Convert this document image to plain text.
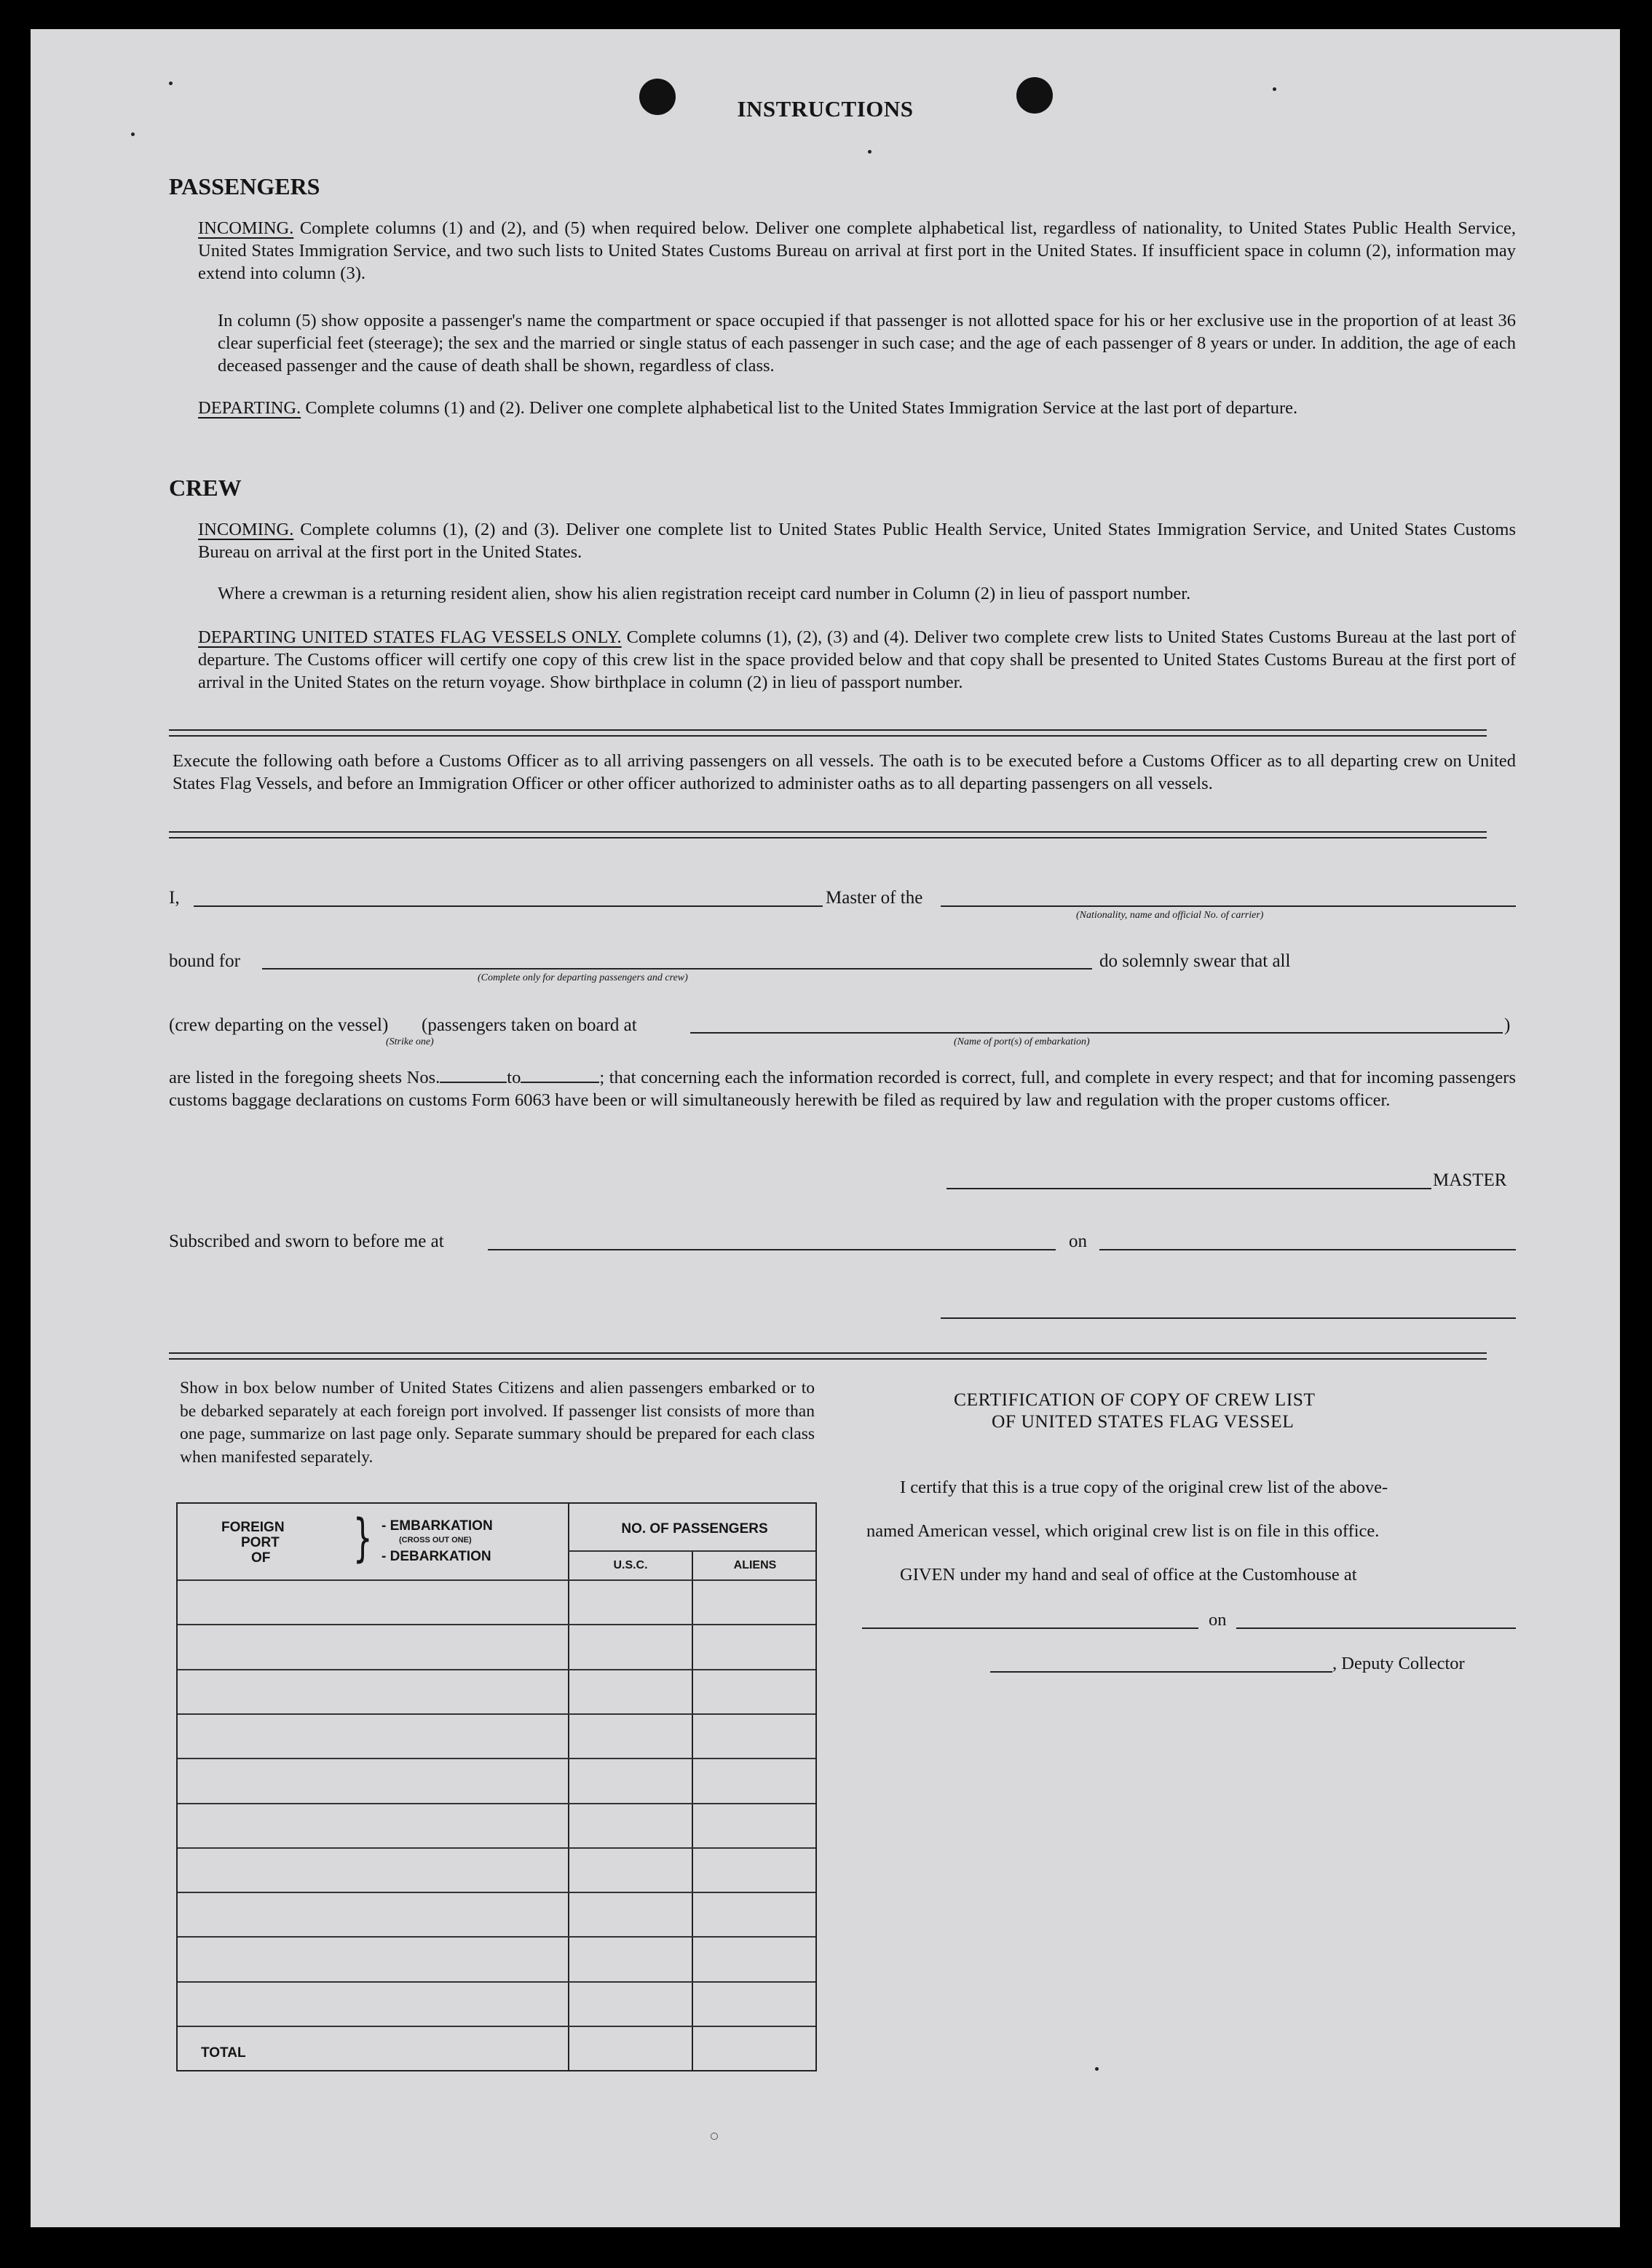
INSTRUCTIONS
PASSENGERS

INCOMING. Complete columns (1) and (2), and (5) when required below. Deliver one complete alphabetical list, regardless of nationality, to United States Public Health Service, United States Immigration Service, and two such lists to United States Customs Bureau on arrival at first port in the United States. If insufficient space in column (2), information may extend into column (3).

In column (5) show opposite a passenger's name the compartment or space occupied if that passenger is not allotted space for his or her exclusive use in the proportion of at least 36 clear superficial feet (steerage); the sex and the married or single status of each passenger in such case; and the age of each passenger of 8 years or under. In addition, the age of each deceased passenger and the cause of death shall be shown, regardless of class.

DEPARTING. Complete columns (1) and (2). Deliver one complete alphabetical list to the United States Immigration Service at the last port of departure.

CREW

INCOMING. Complete columns (1), (2) and (3). Deliver one complete list to United States Public Health Service, United States Immigration Service, and United States Customs Bureau on arrival at the first port in the United States.

Where a crewman is a returning resident alien, show his alien registration receipt card number in Column (2) in lieu of passport number.

DEPARTING UNITED STATES FLAG VESSELS ONLY. Complete columns (1), (2), (3) and (4). Deliver two complete crew lists to United States Customs Bureau at the last port of departure. The Customs officer will certify one copy of this crew list in the space provided below and that copy shall be presented to United States Customs Bureau at the first port of arrival in the United States on the return voyage. Show birthplace in column (2) in lieu of passport number.

Execute the following oath before a Customs Officer as to all arriving passengers on all vessels. The oath is to be executed before a Customs Officer as to all departing crew on United States Flag Vessels, and before an Immigration Officer or other officer authorized to administer oaths as to all departing passengers on all vessels.

I,	Master of the
(Nationality, name and official No. of carrier)
bound for
(Complete only for departing passengers and crew)
do solemnly swear that all
(crew departing on the vessel)
(Strike one)
(passengers taken on board at
(Name of port(s) of embarkation)
)

are listed in the foregoing sheets Nos.	to	; that concerning each the information recorded is correct, full, and complete in every respect; and that for incoming passengers customs baggage declarations on customs Form 6063 have been or will simultaneously herewith be filed as required by law and regulation with the proper customs officer.

MASTER
Subscribed and sworn to before me at	on

Show in box below number of United States Citizens and alien passengers embarked or to be debarked separately at each foreign port involved. If passenger list consists of more than one page, summarize on last page only. Separate summary should be prepared for each class when manifested separately.

FOREIGN
PORT
OF } - EMBARKATION
(CROSS OUT ONE)
- DEBARKATION
NO. OF PASSENGERS
U.S.C.	ALIENS
TOTAL
CERTIFICATION OF COPY OF CREW LIST
OF UNITED STATES FLAG VESSEL
I certify that this is a true copy of the original crew list of the above-
named American vessel, which original crew list is on file in this office.
GIVEN under my hand and seal of office at the Customhouse at
on
, Deputy Collector
